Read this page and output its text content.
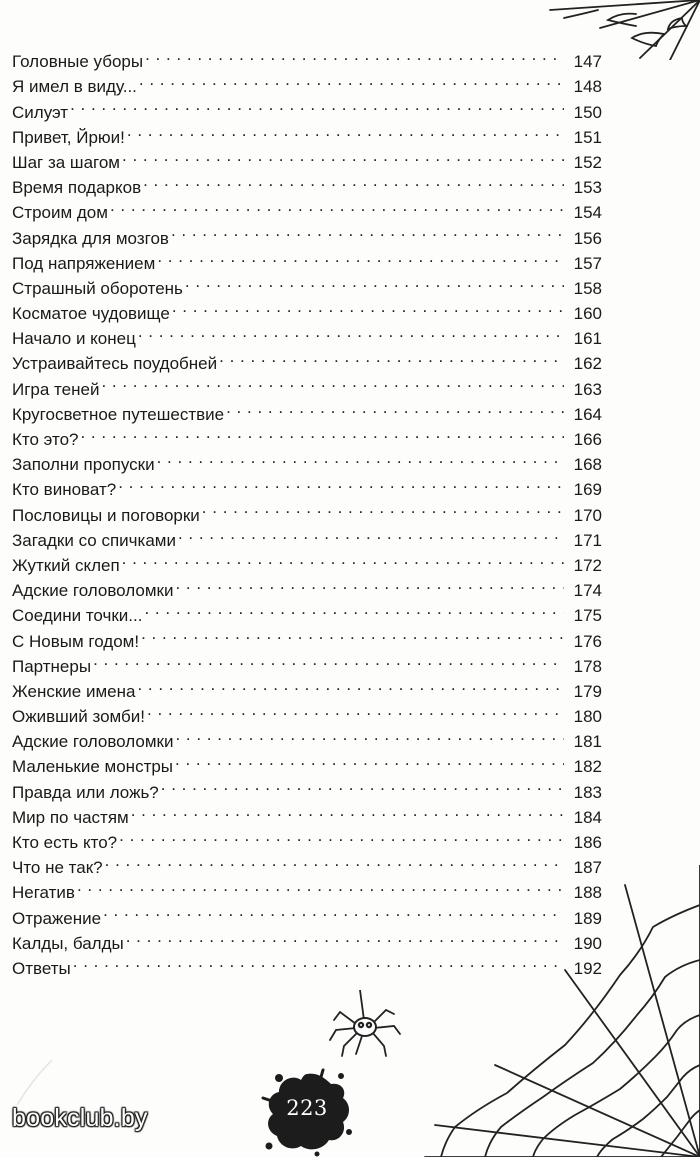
Головные уборы . . .	147
Я имел в виду... . . .	148
Силуэт . . .	150
Привет, Йрюи! . . .	151
Шаг за шагом . . .	152
Время подарков . . .	153
Строим дом . . .	154
Зарядка для мозгов . . .	156
Под напряжением . . .	157
Страшный оборотень . . .	158
Косматое чудовище . . .	160
Начало и конец . . .	161
Устраивайтесь поудобней . . .	162
Игра теней . . .	163
Кругосветное путешествие . . .	164
Кто это? . . .	166
Заполни пропуски . . .	168
Кто виноват? . . .	169
Пословицы и поговорки . . .	170
Загадки со спичками . . .	171
Жуткий склеп . . .	172
Адские головоломки . . .	174
Соедини точки... . . .	175
С Новым годом! . . .	176
Партнеры . . .	178
Женские имена . . .	179
Оживший зомби! . . .	180
Адские головоломки . . .	181
Маленькие монстры . . .	182
Правда или ложь? . . .	183
Мир по частям . . .	184
Кто есть кто? . . .	186
Что не так? . . .	187
Негатив . . .	188
Отражение . . .	189
Калды, балды . . .	190
Ответы . . .	192
223
bookclub.by
